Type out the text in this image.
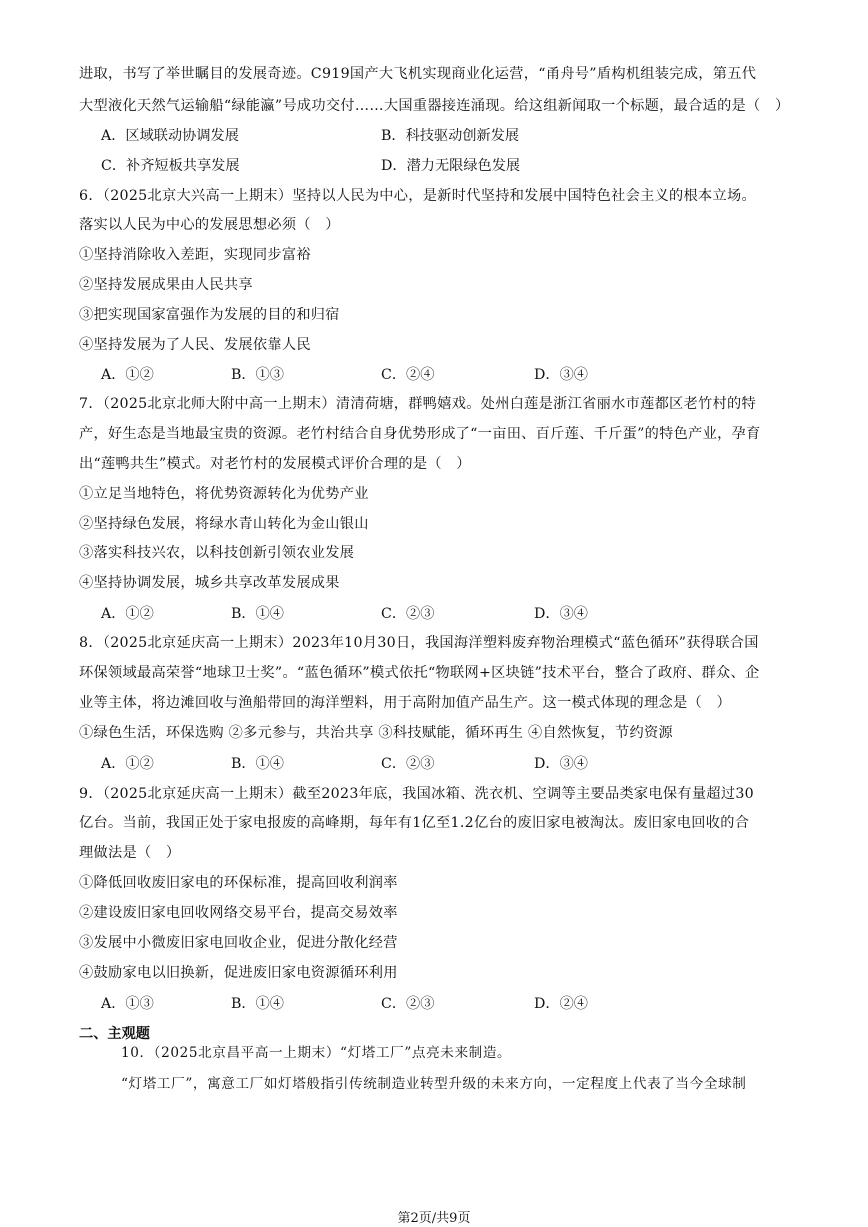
进取，书写了举世瞩目的发展奇迹。C919国产大飞机实现商业化运营，“甬舟号”盾构机组装完成，第五代
大型液化天然气运输船“绿能瀛”号成功交付……大国重器接连涌现。给这组新闻取一个标题，最合适的是（　）
A．区域联动协调发展	B．科技驱动创新发展
C．补齐短板共享发展	D．潜力无限绿色发展
6．（2025北京大兴高一上期末）坚持以人民为中心，是新时代坚持和发展中国特色社会主义的根本立场。
落实以人民为中心的发展思想必须（　）
①坚持消除收入差距，实现同步富裕
②坚持发展成果由人民共享
③把实现国家富强作为发展的目的和归宿
④坚持发展为了人民、发展依靠人民
A．①②	B．①③	C．②④	D．③④
7．（2025北京北师大附中高一上期末）清清荷塘，群鸭嬉戏。处州白莲是浙江省丽水市莲都区老竹村的特
产，好生态是当地最宝贵的资源。老竹村结合自身优势形成了“一亩田、百斤莲、千斤蛋”的特色产业，孕育
出“莲鸭共生”模式。对老竹村的发展模式评价合理的是（　）
①立足当地特色，将优势资源转化为优势产业
②坚持绿色发展，将绿水青山转化为金山银山
③落实科技兴农，以科技创新引领农业发展
④坚持协调发展，城乡共享改革发展成果
A．①②	B．①④	C．②③	D．③④
8．（2025北京延庆高一上期末）2023年10月30日，我国海洋塑料废弃物治理模式“蓝色循环”获得联合国
环保领域最高荣誉“地球卫士奖”。“蓝色循环”模式依托“物联网+区块链”技术平台，整合了政府、群众、企
业等主体，将边滩回收与渔船带回的海洋塑料，用于高附加值产品生产。这一模式体现的理念是（　）
①绿色生活，环保选购 ②多元参与，共治共享 ③科技赋能，循环再生 ④自然恢复，节约资源
A．①②	B．①④	C．②③	D．③④
9．（2025北京延庆高一上期末）截至2023年底，我国冰箱、洗衣机、空调等主要品类家电保有量超过30
亿台。当前，我国正处于家电报废的高峰期，每年有1亿至1.2亿台的废旧家电被淘汰。废旧家电回收的合
理做法是（　）
①降低回收废旧家电的环保标准，提高回收利润率
②建设废旧家电回收网络交易平台，提高交易效率
③发展中小微废旧家电回收企业，促进分散化经营
④鼓励家电以旧换新，促进废旧家电资源循环利用
A．①③	B．①④	C．②③	D．②④
二、主观题
10．（2025北京昌平高一上期末）“灯塔工厂”点亮未来制造。
“灯塔工厂”，寓意工厂如灯塔般指引传统制造业转型升级的未来方向，一定程度上代表了当今全球制
第2页/共9页
